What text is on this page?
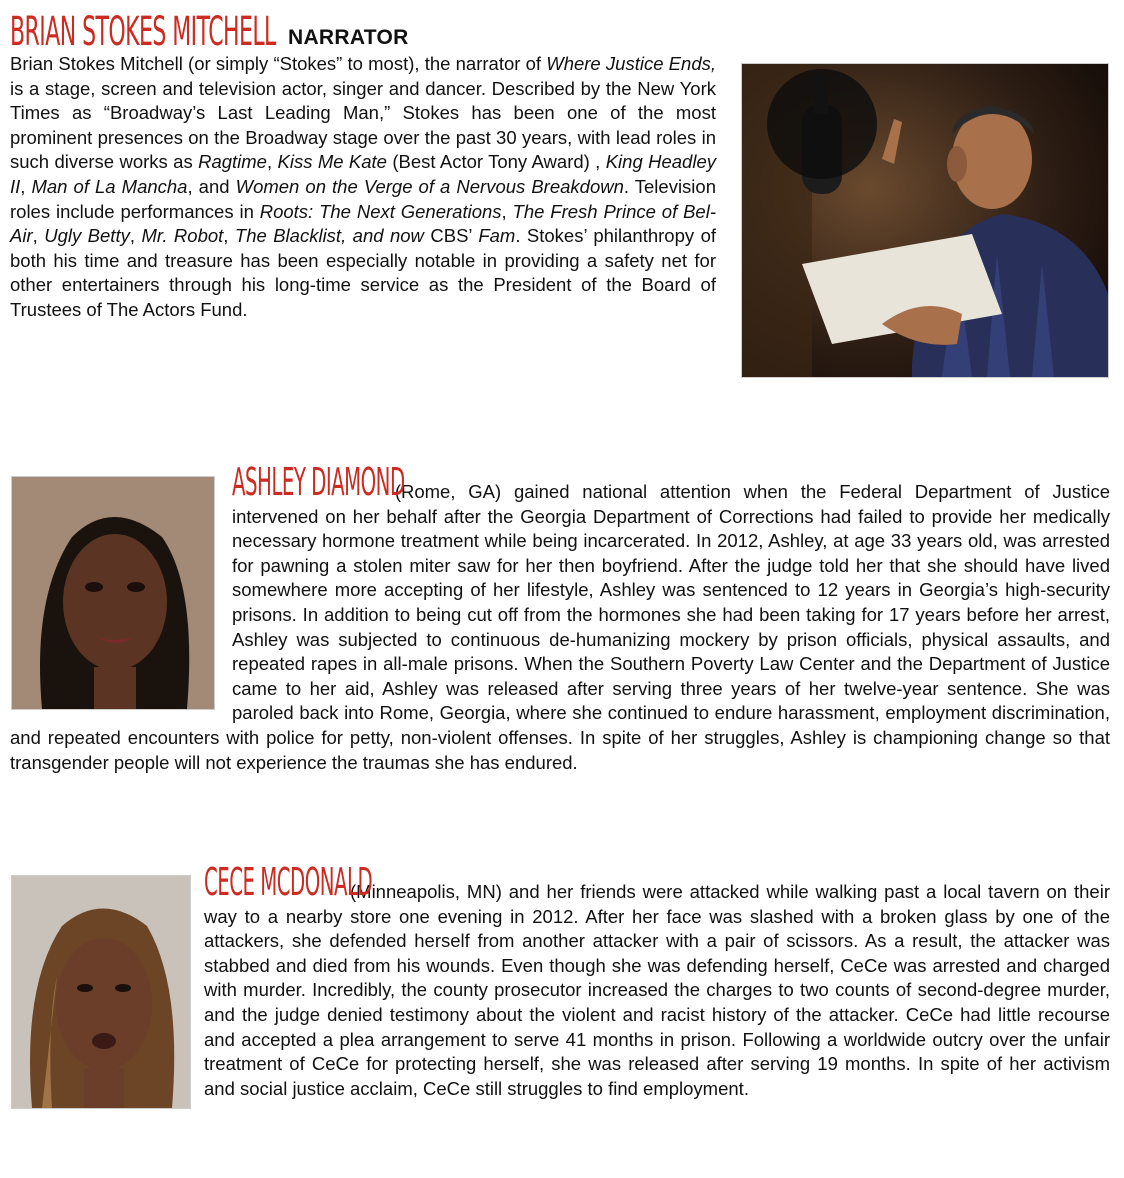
BRIAN STOKES MITCHELL NARRATOR

Brian Stokes Mitchell (or simply “Stokes” to most), the narrator of Where Justice Ends, is a stage, screen and television actor, singer and dancer. Described by the New York Times as “Broadway’s Last Leading Man,” Stokes has been one of the most prominent presences on the Broadway stage over the past 30 years, with lead roles in such diverse works as Ragtime, Kiss Me Kate (Best Actor Tony Award) , King Headley II, Man of La Mancha, and Women on the Verge of a Nervous Breakdown. Television roles include performances in Roots: The Next Generations, The Fresh Prince of Bel-Air, Ugly Betty, Mr. Robot, The Blacklist, and now CBS’ Fam. Stokes’ philanthropy of both his time and treasure has been especially notable in providing a safety net for other entertainers through his long-time service as the President of the Board of Trustees of The Actors Fund.

ASHLEY DIAMOND
(Rome, GA) gained national attention when the Federal Department of Justice intervened on her behalf after the Georgia Department of Corrections had failed to provide her medically necessary hormone treatment while being incarcerated. In 2012, Ashley, at age 33 years old, was arrested for pawning a stolen miter saw for her then boyfriend. After the judge told her that she should have lived somewhere more accepting of her lifestyle, Ashley was sentenced to 12 years in Georgia’s high-security prisons. In addition to being cut off from the hormones she had been taking for 17 years before her arrest, Ashley was subjected to continuous de-humanizing mockery by prison officials, physical assaults, and repeated rapes in all-male prisons. When the Southern Poverty Law Center and the Department of Justice came to her aid, Ashley was released after serving three years of her twelve-year sentence. She was paroled back into Rome, Georgia, where she continued to endure harassment, employment discrimination, and repeated encounters with police for petty, non-violent offenses. In spite of her struggles, Ashley is championing change so that transgender people will not experience the traumas she has endured.

CECE MCDONALD
(Minneapolis, MN) and her friends were attacked while walking past a local tavern on their way to a nearby store one evening in 2012. After her face was slashed with a broken glass by one of the attackers, she defended herself from another attacker with a pair of scissors. As a result, the attacker was stabbed and died from his wounds. Even though she was defending herself, CeCe was arrested and charged with murder. Incredibly, the county prosecutor increased the charges to two counts of second-degree murder, and the judge denied testimony about the violent and racist history of the attacker. CeCe had little recourse and accepted a plea arrangement to serve 41 months in prison. Following a worldwide outcry over the unfair treatment of CeCe for protecting herself, she was released after serving 19 months. In spite of her activism and social justice acclaim, CeCe still struggles to find employment.
